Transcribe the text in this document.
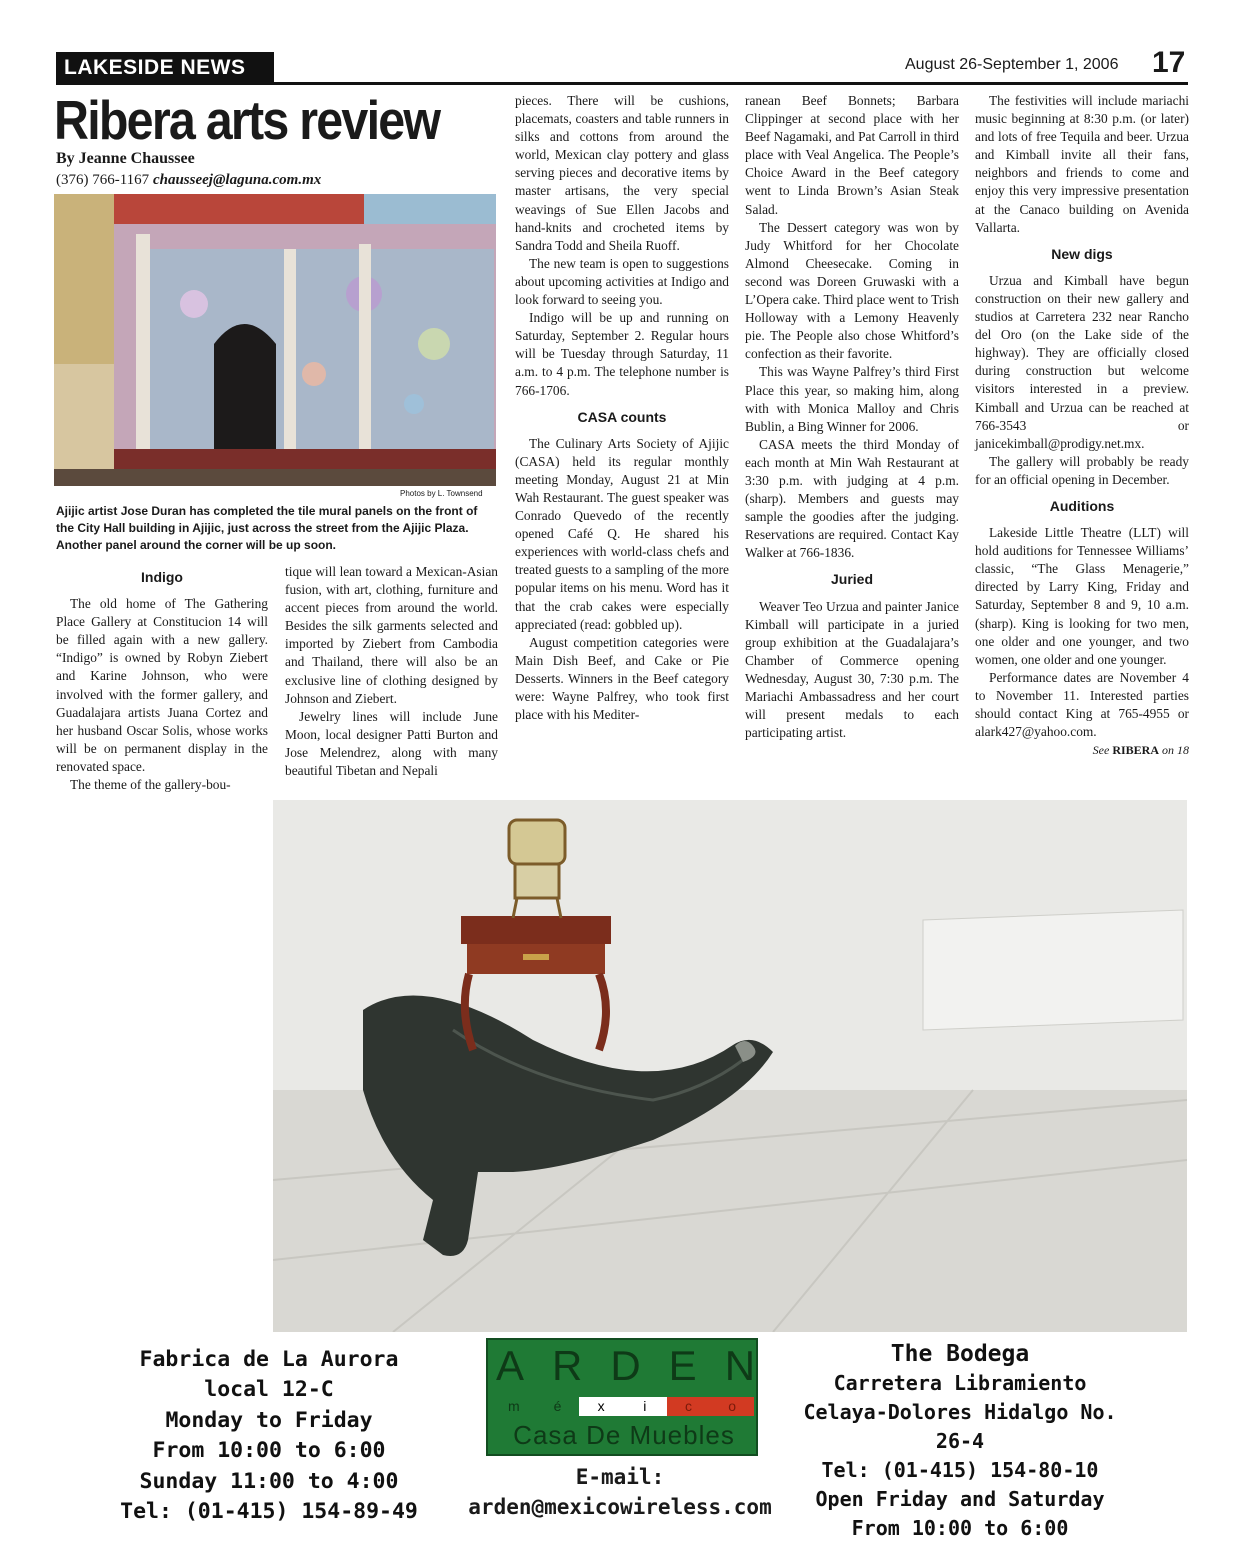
LAKESIDE NEWS	August 26-September 1, 2006 17
Ribera arts review
By Jeanne Chaussee
(376) 766-1167 chausseej@laguna.com.mx
Photos by L. Townsend
Ajijic artist Jose Duran has completed the tile mural panels on the front of the City Hall building in Ajijic, just across the street from the Ajijic Plaza. Another panel around the corner will be up soon.
Indigo

The old home of The Gathering Place Gallery at Constitucion 14 will be filled again with a new gallery. “Indigo” is owned by Robyn Ziebert and Karine Johnson, who were involved with the former gallery, and Guadalajara artists Juana Cortez and her husband Oscar Solis, whose works will be on permanent display in the renovated space.

The theme of the gallery-bou-

tique will lean toward a Mexican-Asian fusion, with art, clothing, furniture and accent pieces from around the world. Besides the silk garments selected and imported by Ziebert from Cambodia and Thailand, there will also be an exclusive line of clothing designed by Johnson and Ziebert.

Jewelry lines will include June Moon, local designer Patti Burton and Jose Melendrez, along with many beautiful Tibetan and Nepali

pieces. There will be cushions, placemats, coasters and table runners in silks and cottons from around the world, Mexican clay pottery and glass serving pieces and decorative items by master artisans, the very special weavings of Sue Ellen Jacobs and hand-knits and crocheted items by Sandra Todd and Sheila Ruoff.

The new team is open to suggestions about upcoming activities at Indigo and look forward to seeing you.

Indigo will be up and running on Saturday, September 2. Regular hours will be Tuesday through Saturday, 11 a.m. to 4 p.m. The telephone number is 766-1706.

CASA counts

The Culinary Arts Society of Ajijic (CASA) held its regular monthly meeting Monday, August 21 at Min Wah Restaurant. The guest speaker was Conrado Quevedo of the recently opened Café Q. He shared his experiences with world-class chefs and treated guests to a sampling of the more popular items on his menu. Word has it that the crab cakes were especially appreciated (read: gobbled up).

August competition categories were Main Dish Beef, and Cake or Pie Desserts. Winners in the Beef category were: Wayne Palfrey, who took first place with his Mediter-

ranean Beef Bonnets; Barbara Clippinger at second place with her Beef Nagamaki, and Pat Carroll in third place with Veal Angelica. The People’s Choice Award in the Beef category went to Linda Brown’s Asian Steak Salad.

The Dessert category was won by Judy Whitford for her Chocolate Almond Cheesecake. Coming in second was Doreen Gruwaski with a L’Opera cake. Third place went to Trish Holloway with a Lemony Heavenly pie. The People also chose Whitford’s confection as their favorite.

This was Wayne Palfrey’s third First Place this year, so making him, along with with Monica Malloy and Chris Bublin, a Bing Winner for 2006.

CASA meets the third Monday of each month at Min Wah Restaurant at 3:30 p.m. with judging at 4 p.m. (sharp). Members and guests may sample the goodies after the judging. Reservations are required. Contact Kay Walker at 766-1836.

Juried

Weaver Teo Urzua and painter Janice Kimball will participate in a juried group exhibition at the Guadalajara’s Chamber of Commerce opening Wednesday, August 30, 7:30 p.m. The Mariachi Ambassadress and her court will present medals to each participating artist.

The festivities will include mariachi music beginning at 8:30 p.m. (or later) and lots of free Tequila and beer. Urzua and Kimball invite all their fans, neighbors and friends to come and enjoy this very impressive presentation at the Canaco building on Avenida Vallarta.

New digs

Urzua and Kimball have begun construction on their new gallery and studios at Carretera 232 near Rancho del Oro (on the Lake side of the highway). They are officially closed during construction but welcome visitors interested in a preview. Kimball and Urzua can be reached at 766-3543 or janicekimball@prodigy.net.mx.

The gallery will probably be ready for an official opening in December.

Auditions

Lakeside Little Theatre (LLT) will hold auditions for Tennessee Williams’ classic, “The Glass Menagerie,” directed by Larry King, Friday and Saturday, September 8 and 9, 10 a.m. (sharp). King is looking for two men, one older and one younger, and two women, one older and one younger.

Performance dates are November 4 to November 11. Interested parties should contact King at 765-4955 or alark427@yahoo.com.

See RIBERA on 18

Fabrica de La Aurora
local 12-C
Monday to Friday
From 10:00 to 6:00
Sunday 11:00 to 4:00
Tel: (01-415) 154-89-49
ARDEN
m	é	x	i	c	o
Casa De Muebles
E-mail:
arden@mexicowireless.com
The Bodega
Carretera Libramiento
Celaya-Dolores Hidalgo No. 26-4
Tel: (01-415) 154-80-10
Open Friday and Saturday
From 10:00 to 6:00
